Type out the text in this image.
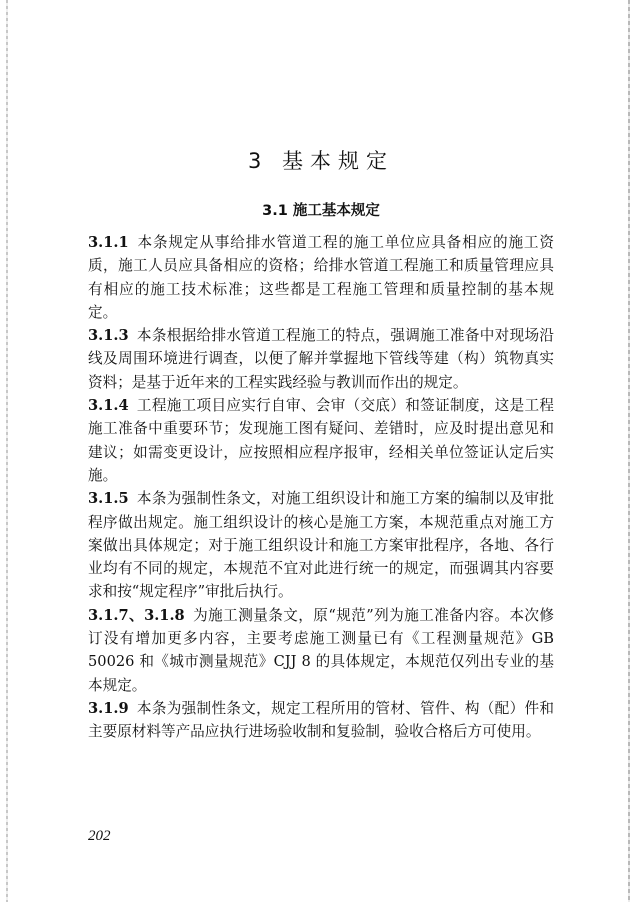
3 基本规定
3.1 施工基本规定

3.1.1 本条规定从事给排水管道工程的施工单位应具备相应的施工资质，施工人员应具备相应的资格；给排水管道工程施工和质量管理应具有相应的施工技术标准；这些都是工程施工管理和质量控制的基本规定。

3.1.3 本条根据给排水管道工程施工的特点，强调施工准备中对现场沿线及周围环境进行调查，以便了解并掌握地下管线等建（构）筑物真实资料；是基于近年来的工程实践经验与教训而作出的规定。

3.1.4 工程施工项目应实行自审、会审（交底）和签证制度，这是工程施工准备中重要环节；发现施工图有疑问、差错时，应及时提出意见和建议；如需变更设计，应按照相应程序报审，经相关单位签证认定后实施。

3.1.5 本条为强制性条文，对施工组织设计和施工方案的编制以及审批程序做出规定。施工组织设计的核心是施工方案，本规范重点对施工方案做出具体规定；对于施工组织设计和施工方案审批程序，各地、各行业均有不同的规定，本规范不宜对此进行统一的规定，而强调其内容要求和按“规定程序”审批后执行。

3.1.7、3.1.8 为施工测量条文，原“规范”列为施工准备内容。本次修订没有增加更多内容，主要考虑施工测量已有《工程测量规范》GB 50026 和《城市测量规范》CJJ 8 的具体规定，本规范仅列出专业的基本规定。

3.1.9 本条为强制性条文，规定工程所用的管材、管件、构（配）件和主要原材料等产品应执行进场验收制和复验制，验收合格后方可使用。

202
